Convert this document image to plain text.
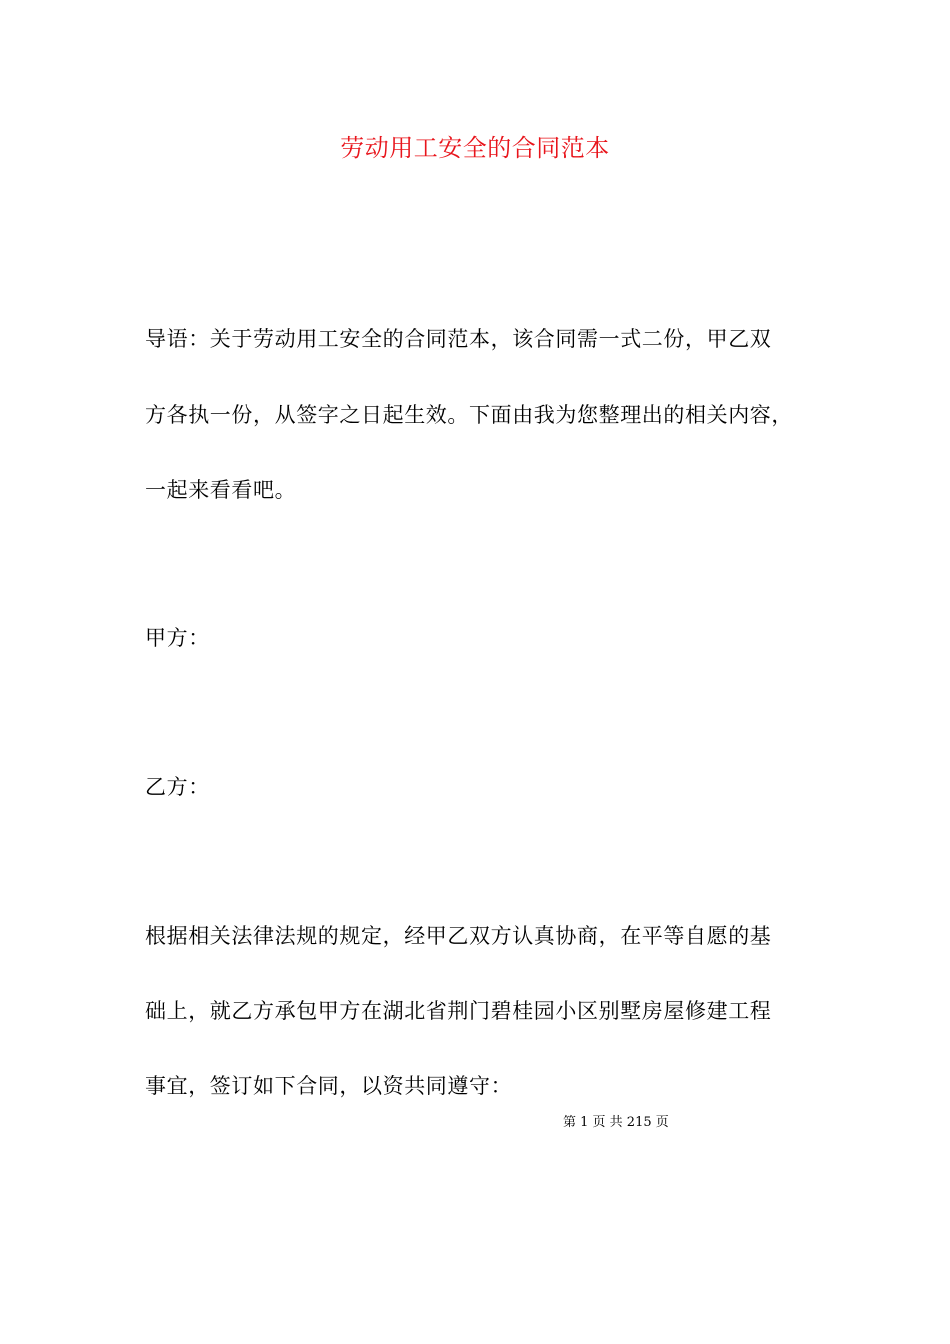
劳动用工安全的合同范本
导语：关于劳动用工安全的合同范本，该合同需一式二份，甲乙双
方各执一份，从签字之日起生效。下面由我为您整理出的相关内容，
一起来看看吧。
甲方：
乙方：
根据相关法律法规的规定，经甲乙双方认真协商，在平等自愿的基
础上，就乙方承包甲方在湖北省荆门碧桂园小区别墅房屋修建工程
事宜，签订如下合同，以资共同遵守：
第 1 页 共 215 页
